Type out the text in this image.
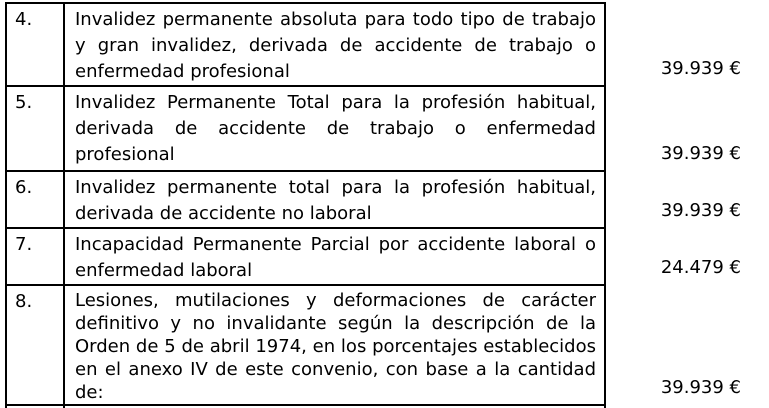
4.	Invalidez permanente absoluta para todo tipo de trabajo y gran invalidez, derivada de accidente de trabajo o enfermedad profesional	39.939 €
5.	Invalidez Permanente Total para la profesión habitual, derivada de accidente de trabajo o enfermedad profesional	39.939 €
6.	Invalidez permanente total para la profesión habitual, derivada de accidente no laboral	39.939 €
7.	Incapacidad Permanente Parcial por accidente laboral o enfermedad laboral	24.479 €
8.	Lesiones, mutilaciones y deformaciones de carácter definitivo y no invalidante según la descripción de la Orden de 5 de abril 1974, en los porcentajes establecidos en el anexo IV de este convenio, con base a la cantidad de:	39.939 €
